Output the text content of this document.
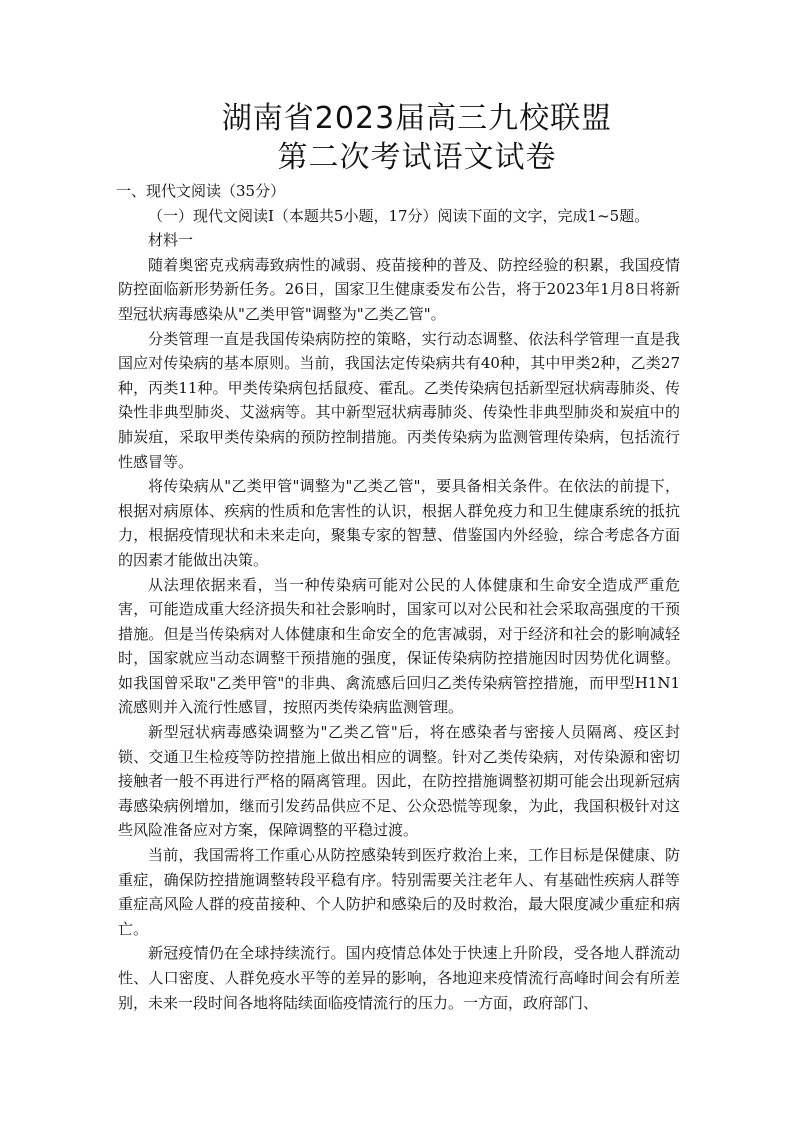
湖南省2023届高三九校联盟
第二次考试语文试卷

一、现代文阅读（35分）

（一）现代文阅读Ⅰ（本题共5小题，17分）阅读下面的文字，完成1~5题。

材料一

随着奥密克戎病毒致病性的减弱、疫苗接种的普及、防控经验的积累，我国疫情防控面临新形势新任务。26日，国家卫生健康委发布公告，将于2023年1月8日将新型冠状病毒感染从"乙类甲管"调整为"乙类乙管"。

分类管理一直是我国传染病防控的策略，实行动态调整、依法科学管理一直是我国应对传染病的基本原则。当前，我国法定传染病共有40种，其中甲类2种，乙类27种，丙类11种。甲类传染病包括鼠疫、霍乱。乙类传染病包括新型冠状病毒肺炎、传染性非典型肺炎、艾滋病等。其中新型冠状病毒肺炎、传染性非典型肺炎和炭疽中的肺炭疽，采取甲类传染病的预防控制措施。丙类传染病为监测管理传染病，包括流行性感冒等。

将传染病从"乙类甲管"调整为"乙类乙管"，要具备相关条件。在依法的前提下，根据对病原体、疾病的性质和危害性的认识，根据人群免疫力和卫生健康系统的抵抗力，根据疫情现状和未来走向，聚集专家的智慧、借鉴国内外经验，综合考虑各方面的因素才能做出决策。

从法理依据来看，当一种传染病可能对公民的人体健康和生命安全造成严重危害，可能造成重大经济损失和社会影响时，国家可以对公民和社会采取高强度的干预措施。但是当传染病对人体健康和生命安全的危害减弱，对于经济和社会的影响减轻时，国家就应当动态调整干预措施的强度，保证传染病防控措施因时因势优化调整。如我国曾采取"乙类甲管"的非典、禽流感后回归乙类传染病管控措施，而甲型H1N1流感则并入流行性感冒，按照丙类传染病监测管理。

新型冠状病毒感染调整为"乙类乙管"后，将在感染者与密接人员隔离、疫区封锁、交通卫生检疫等防控措施上做出相应的调整。针对乙类传染病，对传染源和密切接触者一般不再进行严格的隔离管理。因此，在防控措施调整初期可能会出现新冠病毒感染病例增加，继而引发药品供应不足、公众恐慌等现象，为此，我国积极针对这些风险准备应对方案，保障调整的平稳过渡。

当前，我国需将工作重心从防控感染转到医疗救治上来，工作目标是保健康、防重症，确保防控措施调整转段平稳有序。特别需要关注老年人、有基础性疾病人群等重症高风险人群的疫苗接种、个人防护和感染后的及时救治，最大限度减少重症和病亡。

新冠疫情仍在全球持续流行。国内疫情总体处于快速上升阶段，受各地人群流动性、人口密度、人群免疫水平等的差异的影响，各地迎来疫情流行高峰时间会有所差别，未来一段时间各地将陆续面临疫情流行的压力。一方面，政府部门、
